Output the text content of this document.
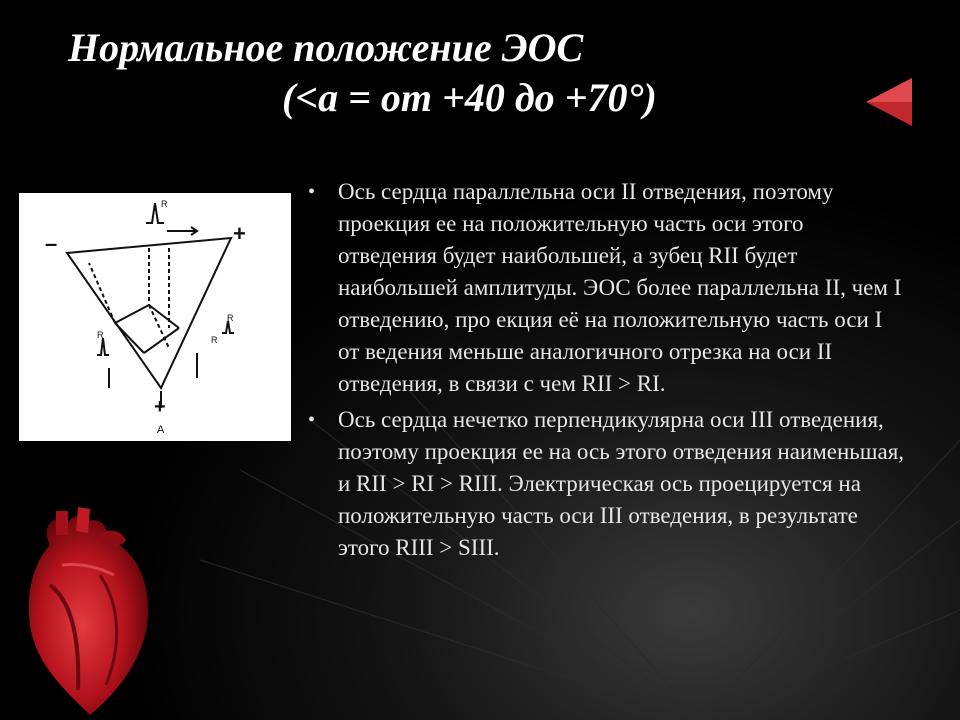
Нормальное положение ЭОС
(<a = от +40 до +70°)
–	+
+
A
R
R
R
R
• Ось сердца параллельна оси II отведения, поэтому проекция ее на положительную часть оси этого отведения будет наибольшей, а зубец RII будет наибольшей амплитуды. ЭОС более параллельна II, чем I отведению, про екция её на положительную часть оси I от ведения меньше аналогичного отрезка на оси II отведения, в связи с чем RII > RI.
• Ось сердца нечетко перпендикулярна оси III отведения, поэтому проекция ее на ось этого отведения наименьшая, и RII > RI > RIII. Электрическая ось проецируется на положительную часть оси III отведения, в результате этого RIII > SIII.
